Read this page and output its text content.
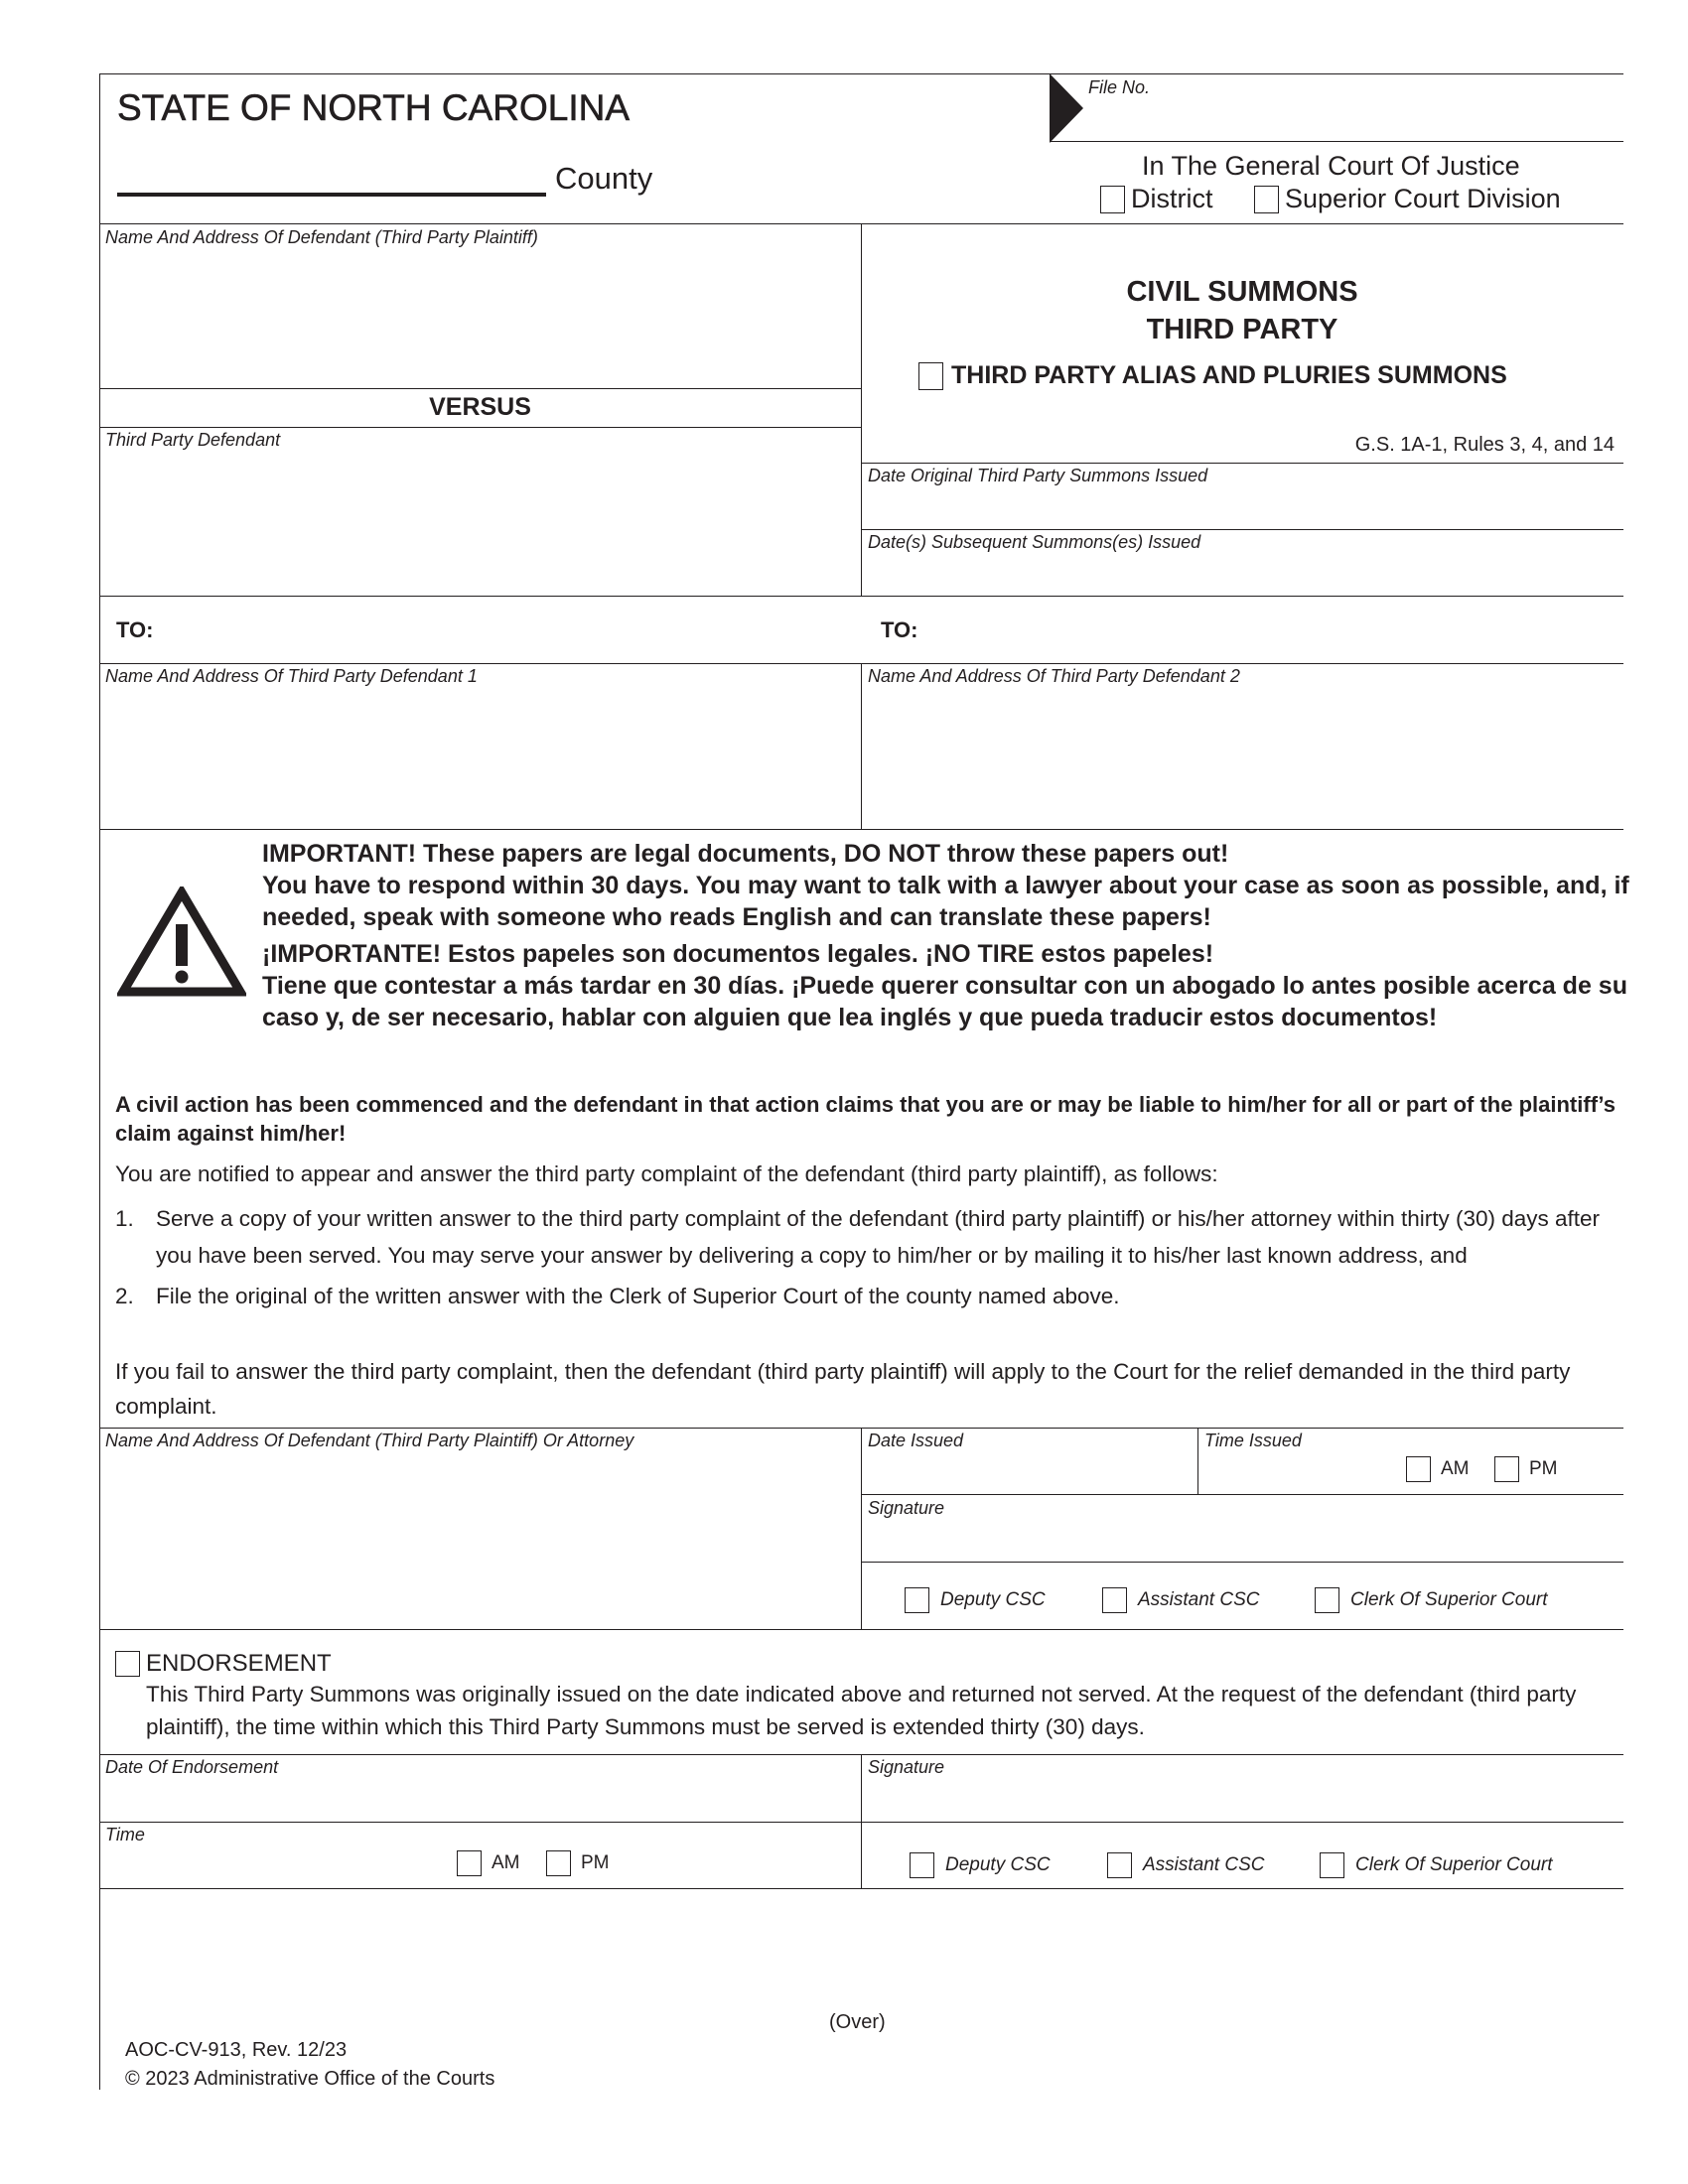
STATE OF NORTH CAROLINA
County
File No.
In The General Court Of Justice
District	Superior Court Division
Name And Address Of Defendant (Third Party Plaintiff)
VERSUS
Third Party Defendant
CIVIL SUMMONS
THIRD PARTY
THIRD PARTY ALIAS AND PLURIES SUMMONS
G.S. 1A-1, Rules 3, 4, and 14
Date Original Third Party Summons Issued
Date(s) Subsequent Summons(es) Issued
TO:	TO:
Name And Address Of Third Party Defendant 1	Name And Address Of Third Party Defendant 2

IMPORTANT! These papers are legal documents, DO NOT throw these papers out!

You have to respond within 30 days. You may want to talk with a lawyer about your case as soon as possible, and, if needed, speak with someone who reads English and can translate these papers!

¡IMPORTANTE! Estos papeles son documentos legales. ¡NO TIRE estos papeles!

Tiene que contestar a más tardar en 30 días. ¡Puede querer consultar con un abogado lo antes posible acerca de su caso y, de ser necesario, hablar con alguien que lea inglés y que pueda traducir estos documentos!

A civil action has been commenced and the defendant in that action claims that you are or may be liable to him/her for all or part of the plaintiff’s claim against him/her!
You are notified to appear and answer the third party complaint of the defendant (third party plaintiff), as follows:
1. Serve a copy of your written answer to the third party complaint of the defendant (third party plaintiff) or his/her attorney within thirty (30) days after you have been served. You may serve your answer by delivering a copy to him/her or by mailing it to his/her last known address, and
2. File the original of the written answer with the Clerk of Superior Court of the county named above.
If you fail to answer the third party complaint, then the defendant (third party plaintiff) will apply to the Court for the relief demanded in the third party complaint.
Name And Address Of Defendant (Third Party Plaintiff) Or Attorney	Date Issued	Time Issued
AM	PM
Signature
Deputy CSC	Assistant CSC	Clerk Of Superior Court
ENDORSEMENT
This Third Party Summons was originally issued on the date indicated above and returned not served. At the request of the defendant (third party plaintiff), the time within which this Third Party Summons must be served is extended thirty (30) days.
Date Of Endorsement	Signature
Time
AM	PM	Deputy CSC	Assistant CSC	Clerk Of Superior Court
(Over)
AOC-CV-913, Rev. 12/23
© 2023 Administrative Office of the Courts
